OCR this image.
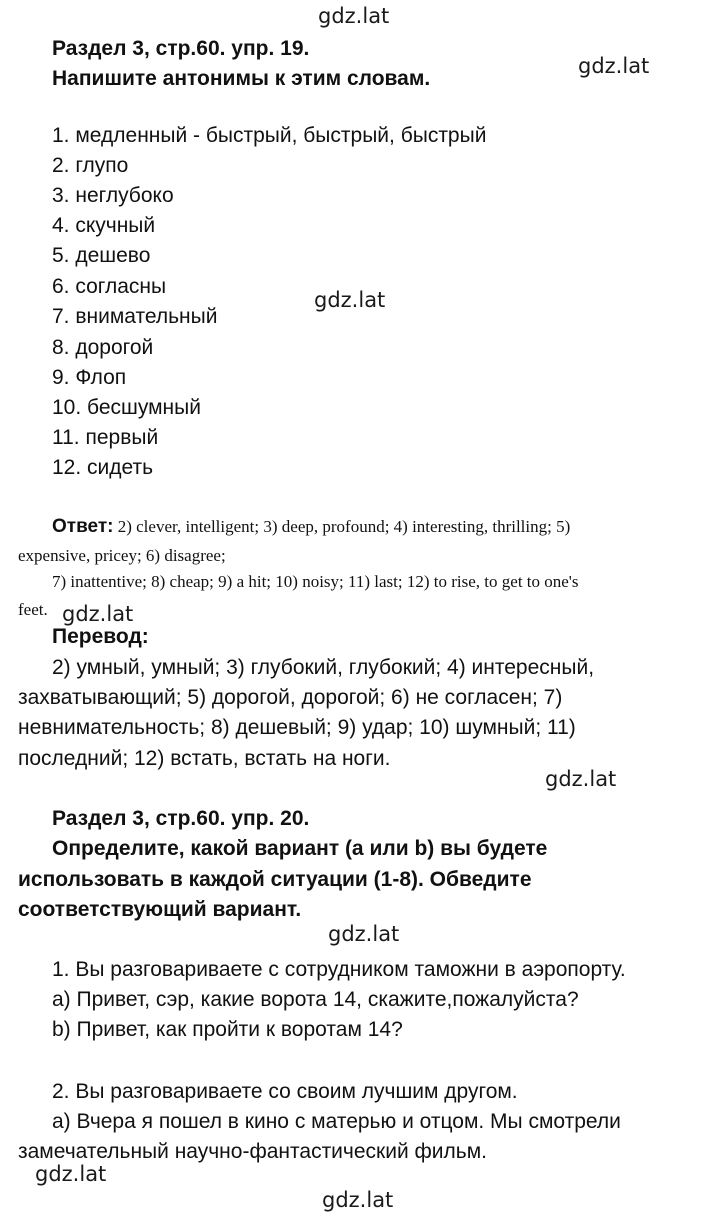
gdz.lat
gdz.lat
gdz.lat
gdz.lat
gdz.lat
gdz.lat
gdz.lat
gdz.lat
Раздел 3, стр.60. упр. 19.
Напишите антонимы к этим словам.
1. медленный - быстрый, быстрый, быстрый
2. глупо
3. неглубоко
4. скучный
5. дешево
6. согласны
7. внимательный
8. дорогой
9. Флоп
10. бесшумный
11. первый
12. сидеть
Ответ: 2) clever, intelligent; 3) deep, profound; 4) interesting, thrilling; 5)
expensive, pricey; 6) disagree;
7) inattentive; 8) cheap; 9) a hit; 10) noisy; 11) last; 12) to rise, to get to one's
feet.
Перевод:
2) умный, умный; 3) глубокий, глубокий; 4) интересный,
захватывающий; 5) дорогой, дорогой; 6) не согласен; 7)
невнимательность; 8) дешевый; 9) удар; 10) шумный; 11)
последний; 12) встать, встать на ноги.
Раздел 3, стр.60. упр. 20.
Определите, какой вариант (a или b) вы будете
использовать в каждой ситуации (1-8). Обведите
соответствующий вариант.
1. Вы разговариваете с сотрудником таможни в аэропорту.
a) Привет, сэр, какие ворота 14, скажите,пожалуйста?
b) Привет, как пройти к воротам 14?
2. Вы разговариваете со своим лучшим другом.
a) Вчера я пошел в кино с матерью и отцом. Мы смотрели
замечательный научно-фантастический фильм.
